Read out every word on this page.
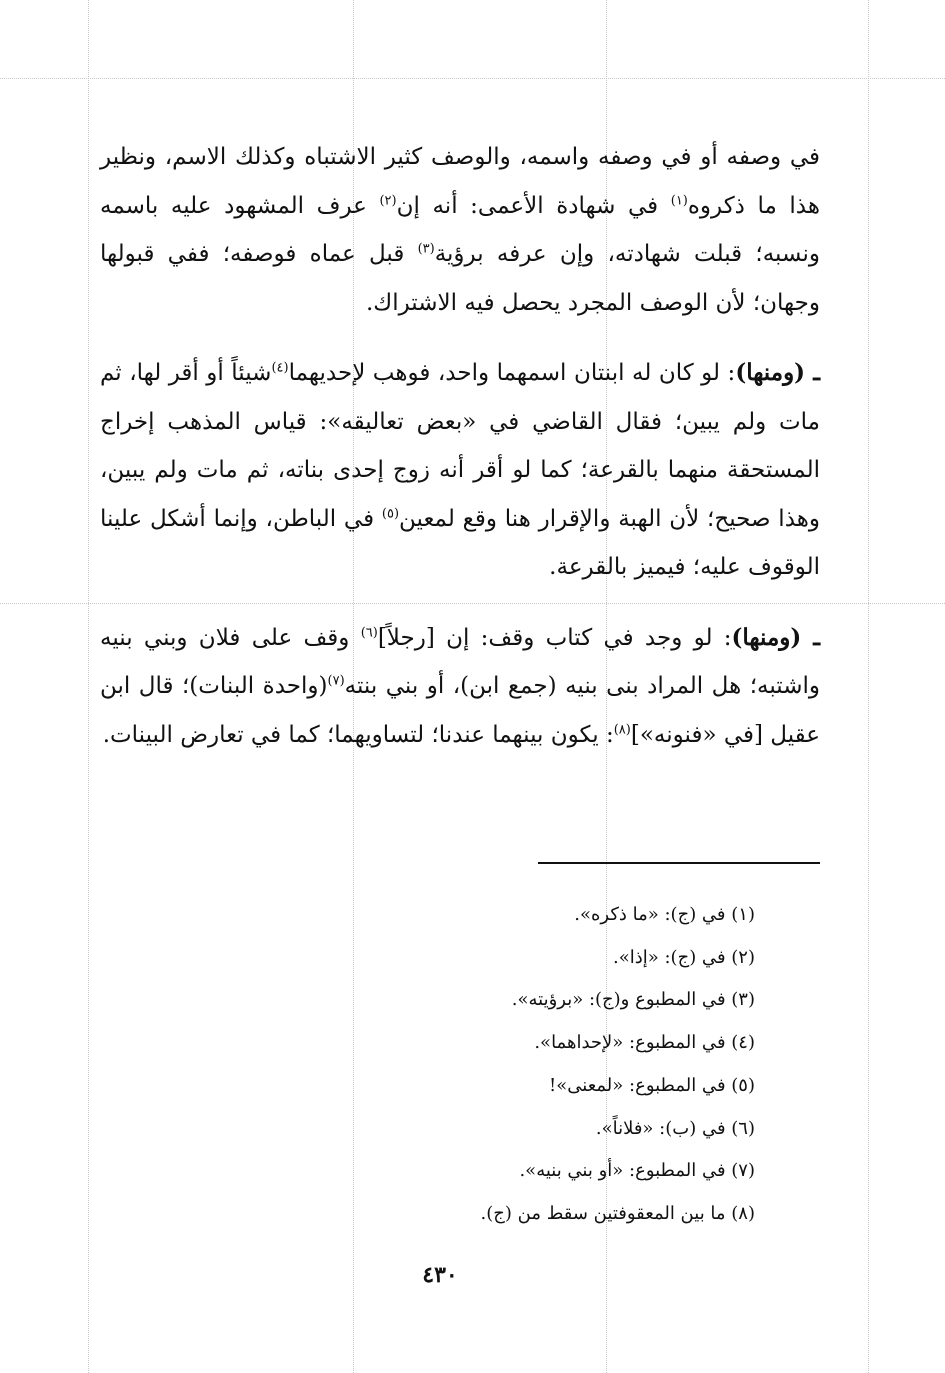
في وصفه أو في وصفه واسمه، والوصف كثير الاشتباه وكذلك الاسم، ونظير هذا ما ذكروه$^{(١)}$ في شهادة الأعمى: أنه إن$^{(٢)}$ عرف المشهود عليه باسمه ونسبه؛ قبلت شهادته، وإن عرفه برؤية$^{(٣)}$ قبل عماه فوصفه؛ ففي قبولها وجهان؛ لأن الوصف المجرد يحصل فيه الاشتراك.

ـ (ومنها): لو كان له ابنتان اسمهما واحد، فوهب لإحديهما$^{(٤)}$شيئاً أو أقر لها، ثم مات ولم يبين؛ فقال القاضي في «بعض تعاليقه»: قياس المذهب إخراج المستحقة منهما بالقرعة؛ كما لو أقر أنه زوج إحدى بناته، ثم مات ولم يبين، وهذا صحيح؛ لأن الهبة والإقرار هنا وقع لمعين$^{(٥)}$ في الباطن، وإنما أشكل علينا الوقوف عليه؛ فيميز بالقرعة.

ـ (ومنها): لو وجد في كتاب وقف: إن [رجلاً]$^{(٦)}$ وقف على فلان وبني بنيه واشتبه؛ هل المراد بنى بنيه (جمع ابن)، أو بني بنته$^{(٧)}$(واحدة البنات)؛ قال ابن عقيل [في «فنونه»]$^{(٨)}$: يكون بينهما عندنا؛ لتساويهما؛ كما في تعارض البينات.

(١) في (ج): «ما ذكره».
(٢) في (ج): «إذا».
(٣) في المطبوع و(ج): «برؤيته».
(٤) في المطبوع: «لإحداهما».
(٥) في المطبوع: «لمعنى»!
(٦) في (ب): «فلاناً».
(٧) في المطبوع: «أو بني بنيه».
(٨) ما بين المعقوفتين سقط من (ج).
٤٣٠
